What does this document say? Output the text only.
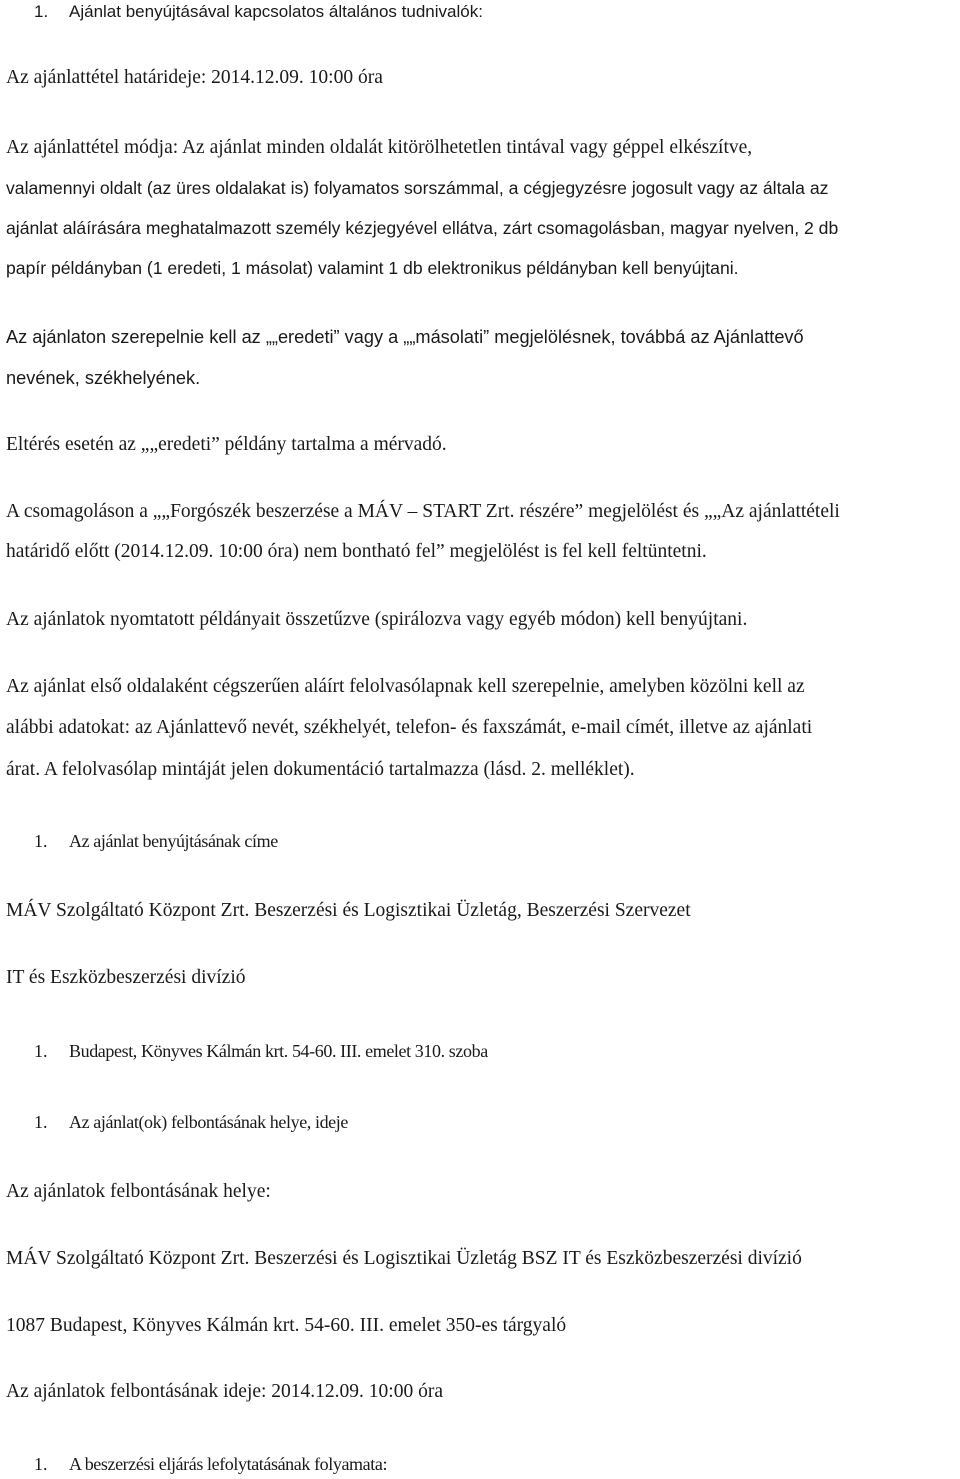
1. Ajánlat benyújtásával kapcsolatos általános tudnivalók:
Az ajánlattétel határideje: 2014.12.09. 10:00 óra
Az ajánlattétel módja: Az ajánlat minden oldalát kitörölhetetlen tintával vagy géppel elkészítve,
valamennyi oldalt (az üres oldalakat is) folyamatos sorszámmal, a cégjegyzésre jogosult vagy az általa az
ajánlat aláírására meghatalmazott személy kézjegyével ellátva, zárt csomagolásban, magyar nyelven, 2 db
papír példányban (1 eredeti, 1 másolat) valamint 1 db elektronikus példányban kell benyújtani.
Az ajánlaton szerepelnie kell az „„eredeti” vagy a „„másolati” megjelölésnek, továbbá az Ajánlattevő
nevének, székhelyének.
Eltérés esetén az „„eredeti” példány tartalma a mérvadó.
A csomagoláson a „„Forgószék beszerzése a MÁV – START Zrt. részére” megjelölést és „„Az ajánlattételi
határidő előtt (2014.12.09. 10:00 óra) nem bontható fel” megjelölést is fel kell feltüntetni.
Az ajánlatok nyomtatott példányait összetűzve (spirálozva vagy egyéb módon) kell benyújtani.
Az ajánlat első oldalaként cégszerűen aláírt felolvasólapnak kell szerepelnie, amelyben közölni kell az
alábbi adatokat: az Ajánlattevő nevét, székhelyét, telefon- és faxszámát, e-mail címét, illetve az ajánlati
árat. A felolvasólap mintáját jelen dokumentáció tartalmazza (lásd. 2. melléklet).
1. Az ajánlat benyújtásának címe
MÁV Szolgáltató Központ Zrt. Beszerzési és Logisztikai Üzletág, Beszerzési Szervezet
IT és Eszközbeszerzési divízió
1. Budapest, Könyves Kálmán krt. 54-60. III. emelet 310. szoba
1. Az ajánlat(ok) felbontásának helye, ideje
Az ajánlatok felbontásának helye:
MÁV Szolgáltató Központ Zrt. Beszerzési és Logisztikai Üzletág BSZ IT és Eszközbeszerzési divízió
1087 Budapest, Könyves Kálmán krt. 54-60. III. emelet 350-es tárgyaló
Az ajánlatok felbontásának ideje: 2014.12.09. 10:00 óra
1. A beszerzési eljárás lefolytatásának folyamata:
